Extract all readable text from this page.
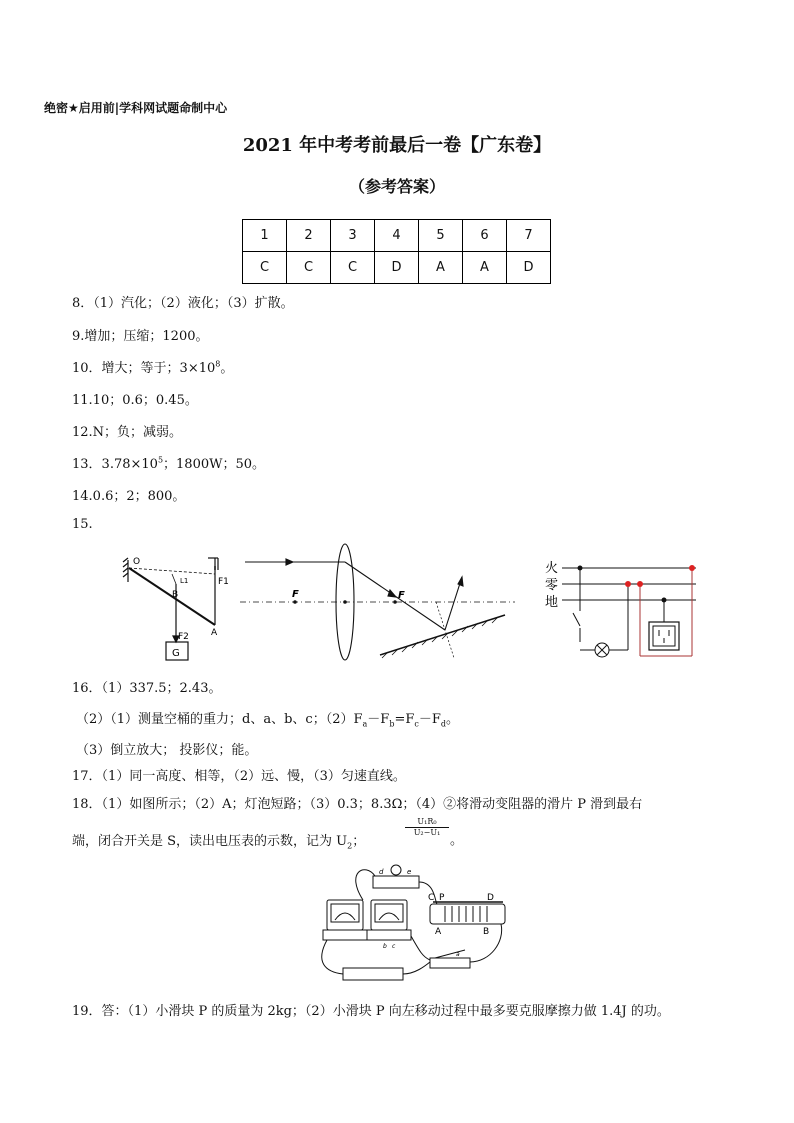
绝密★启用前|学科网试题命制中心
2021 年中考考前最后一卷【广东卷】
（参考答案）
1	2	3	4	5	6	7
C	C	C	D	A	A	D
8．（1）汽化；（2）液化；（3）扩散。
9.增加；压缩；1200。
10．增大；等于；$3\times 10^8$。
11.10；0.6；0.45。
12.N；负；减弱。
13．$3.78\times 10^5$；1800W；50。
14.0.6；2；800。
15.
O
B
L1	F1
A
F2
G
F	F
火
零
地
16．（1）337.5；2.43。
（2）（1）测量空桶的重力；d、a、b、c；$(2)F_a-F_b=F_c-F_d$。
（3）倒立放大； 投影仪；能。
17．（1）同一高度、相等，（2）远、慢，（3）匀速直线。
18．（1）如图所示；（2）A；灯泡短路；（3）0.3；8.3Ω；（4）②将滑动变阻器的滑片 P 滑到最右
端，闭合开关是 S，读出电压表的示数，记为 $U_2$；
$\frac{\text{U₁R₀}}{\text{U₂−U₁}}$
。
d	e
C P	D
A	B
b c
a
19．答：（1）小滑块 P 的质量为 2kg；（2）小滑块 P 向左移动过程中最多要克服摩擦力做 1.4J 的功。
